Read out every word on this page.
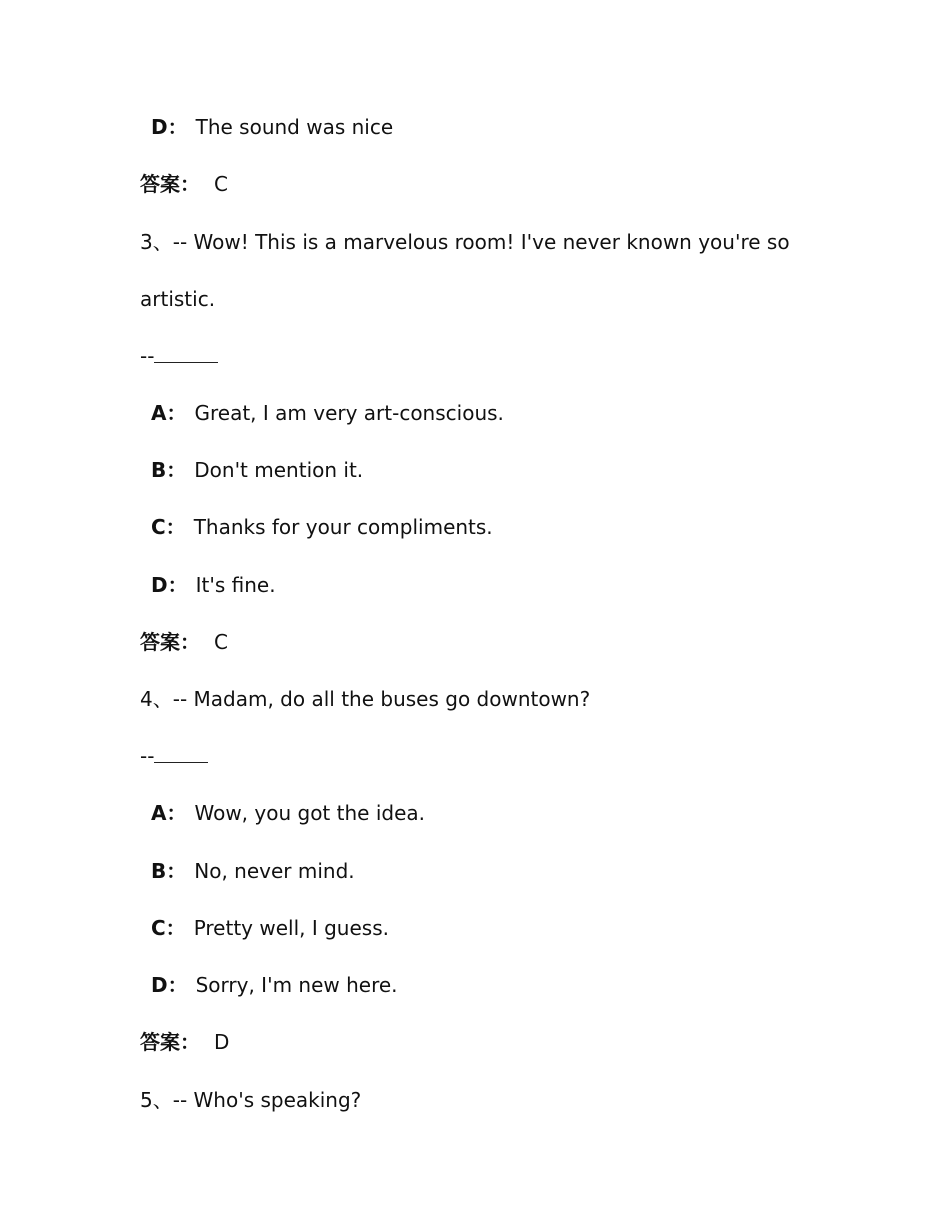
D： The sound was nice
答案： C
3、-- Wow! This is a marvelous room! I've never known you're so
artistic.
--
A： Great, I am very art-conscious.
B： Don't mention it.
C： Thanks for your compliments.
D： It's fine.
答案： C
4、-- Madam, do all the buses go downtown?
--
A： Wow, you got the idea.
B： No, never mind.
C： Pretty well, I guess.
D： Sorry, I'm new here.
答案： D
5、-- Who's speaking?
